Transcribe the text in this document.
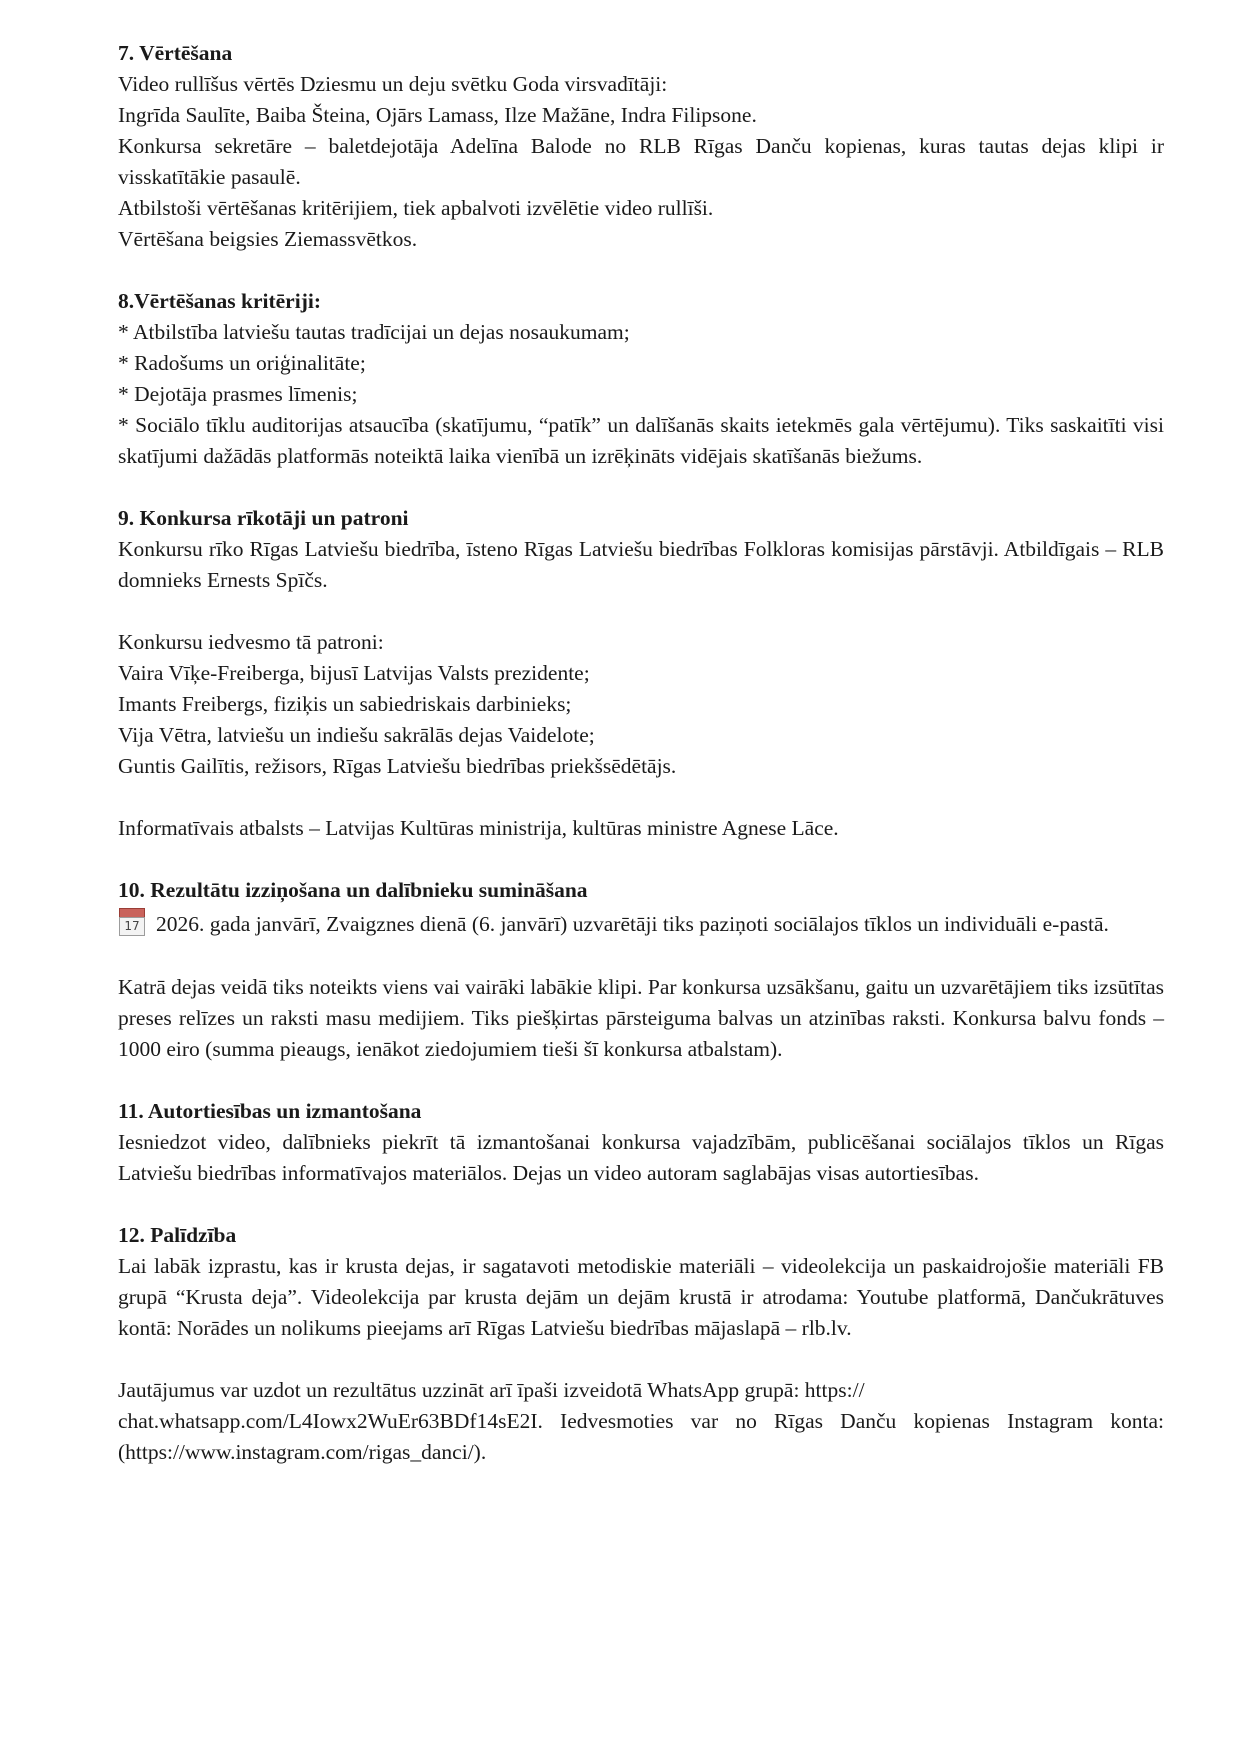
7. Vērtēšana

Video rullīšus vērtēs Dziesmu un deju svētku Goda virsvadītāji:

Ingrīda Saulīte, Baiba Šteina, Ojārs Lamass, Ilze Mažāne, Indra Filipsone.

Konkursa sekretāre – baletdejotāja Adelīna Balode no RLB Rīgas Danču kopienas, kuras tautas dejas klipi ir visskatītākie pasaulē.

Atbilstoši vērtēšanas kritērijiem, tiek apbalvoti izvēlētie video rullīši.

Vērtēšana beigsies Ziemassvētkos.

8.Vērtēšanas kritēriji:

* Atbilstība latviešu tautas tradīcijai un dejas nosaukumam;

* Radošums un oriģinalitāte;

* Dejotāja prasmes līmenis;

* Sociālo tīklu auditorijas atsaucība (skatījumu, “patīk” un dalīšanās skaits ietekmēs gala vērtējumu). Tiks saskaitīti visi skatījumi dažādās platformās noteiktā laika vienībā un izrēķināts vidējais skatīšanās biežums.

9. Konkursa rīkotāji un patroni

Konkursu rīko Rīgas Latviešu biedrība, īsteno Rīgas Latviešu biedrības Folkloras komisijas pārstāvji. Atbildīgais – RLB domnieks Ernests Spīčs.

Konkursu iedvesmo tā patroni:

Vaira Vīķe-Freiberga, bijusī Latvijas Valsts prezidente;

Imants Freibergs, fiziķis un sabiedriskais darbinieks;

Vija Vētra, latviešu un indiešu sakrālās dejas Vaidelote;

Guntis Gailītis, režisors, Rīgas Latviešu biedrības priekšsēdētājs.

Informatīvais atbalsts – Latvijas Kultūras ministrija, kultūras ministre Agnese Lāce.

10. Rezultātu izziņošana un dalībnieku sumināšana

17 2026. gada janvārī, Zvaigznes dienā (6. janvārī) uzvarētāji tiks paziņoti sociālajos tīklos un individuāli e-pastā.

Katrā dejas veidā tiks noteikts viens vai vairāki labākie klipi. Par konkursa uzsākšanu, gaitu un uzvarētājiem tiks izsūtītas preses relīzes un raksti masu medijiem. Tiks piešķirtas pārsteiguma balvas un atzinības raksti. Konkursa balvu fonds – 1000 eiro (summa pieaugs, ienākot ziedojumiem tieši šī konkursa atbalstam).

11. Autortiesības un izmantošana

Iesniedzot video, dalībnieks piekrīt tā izmantošanai konkursa vajadzībām, publicēšanai sociālajos tīklos un Rīgas Latviešu biedrības informatīvajos materiālos. Dejas un video autoram saglabājas visas autortiesības.

12. Palīdzība

Lai labāk izprastu, kas ir krusta dejas, ir sagatavoti metodiskie materiāli – videolekcija un paskaidrojošie materiāli FB grupā “Krusta deja”. Videolekcija par krusta dejām un dejām krustā ir atrodama: Youtube platformā, Dančukrātuves kontā: Norādes un nolikums pieejams arī Rīgas Latviešu biedrības mājaslapā – rlb.lv.

Jautājumus var uzdot un rezultātus uzzināt arī īpaši izveidotā WhatsApp grupā: https://

chat.whatsapp.com/L4Iowx2WuEr63BDf14sE2I. Iedvesmoties var no Rīgas Danču kopienas Instagram konta: (https://www.instagram.com/rigas_danci/).
